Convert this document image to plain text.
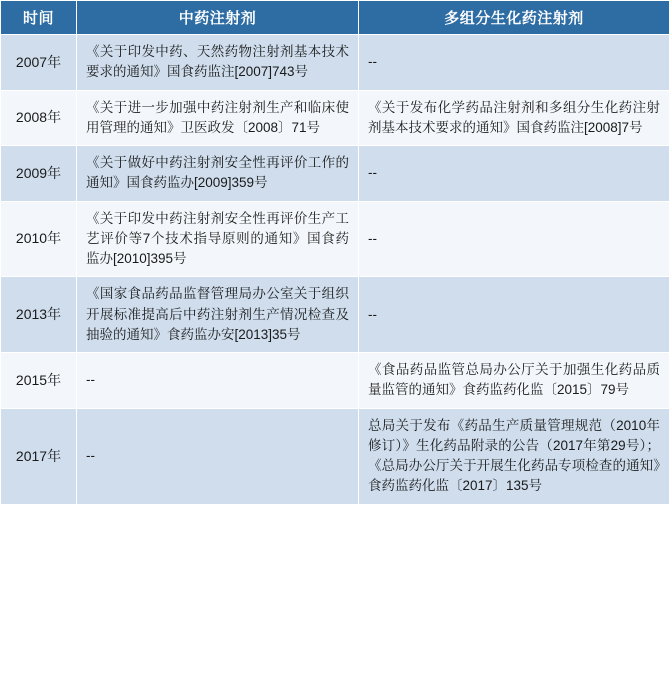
时间	中药注射剂	多组分生化药注射剂
2007年	《关于印发中药、天然药物注射剂基本技术要求的通知》国食药监注[2007]743号	--
2008年	《关于进一步加强中药注射剂生产和临床使用管理的通知》卫医政发〔2008〕71号	《关于发布化学药品注射剂和多组分生化药注射剂基本技术要求的通知》国食药监注[2008]7号
2009年	《关于做好中药注射剂安全性再评价工作的通知》国食药监办[2009]359号	--
2010年	《关于印发中药注射剂安全性再评价生产工艺评价等7个技术指导原则的通知》国食药监办[2010]395号	--
2013年	《国家食品药品监督管理局办公室关于组织开展标准提高后中药注射剂生产情况检查及抽验的通知》食药监办安[2013]35号	--
2015年	--	《食品药品监管总局办公厅关于加强生化药品质量监管的通知》食药监药化监〔2015〕79号
2017年	--	总局关于发布《药品生产质量管理规范（2010年修订）》生化药品附录的公告（2017年第29号）；《总局办公厅关于开展生化药品专项检查的通知》食药监药化监〔2017〕135号
